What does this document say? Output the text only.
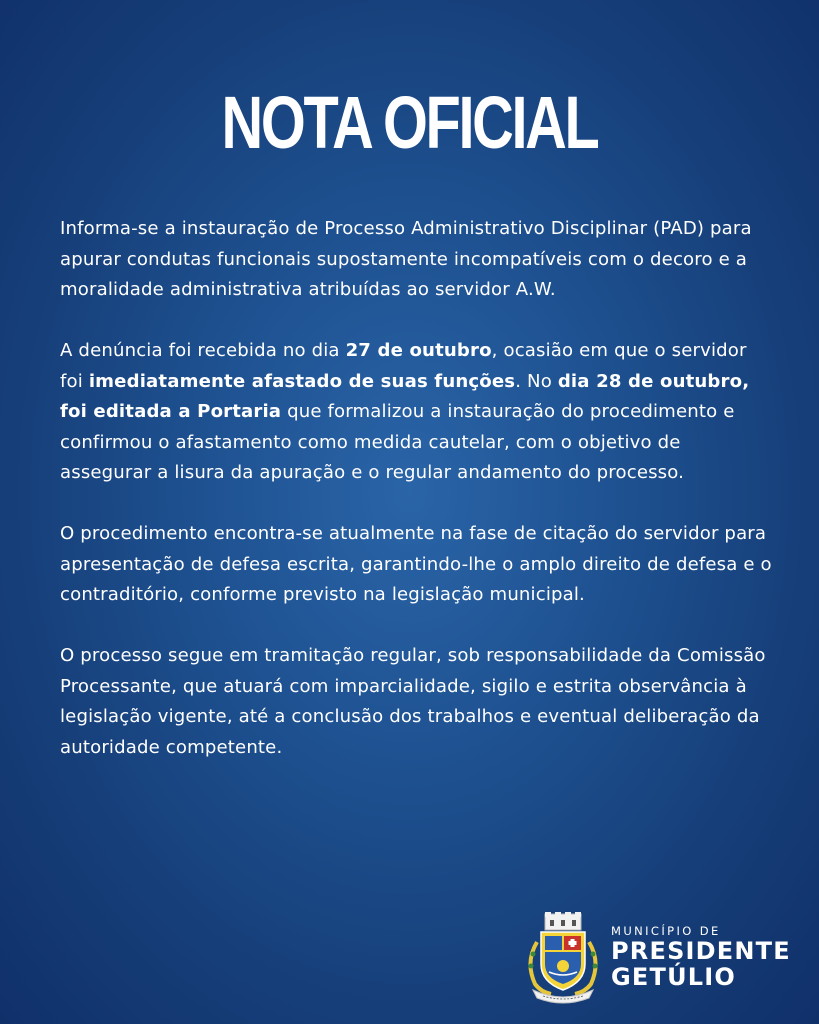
NOTA OFICIAL

Informa-se a instauração de Processo Administrativo Disciplinar (PAD) para apurar condutas funcionais supostamente incompatíveis com o decoro e a moralidade administrativa atribuídas ao servidor A.W.

A denúncia foi recebida no dia 27 de outubro, ocasião em que o servidor foi imediatamente afastado de suas funções. No dia 28 de outubro, foi editada a Portaria que formalizou a instauração do procedimento e confirmou o afastamento como medida cautelar, com o objetivo de assegurar a lisura da apuração e o regular andamento do processo.

O procedimento encontra-se atualmente na fase de citação do servidor para apresentação de defesa escrita, garantindo-lhe o amplo direito de defesa e o contraditório, conforme previsto na legislação municipal.

O processo segue em tramitação regular, sob responsabilidade da Comissão Processante, que atuará com imparcialidade, sigilo e estrita observância à legislação vigente, até a conclusão dos trabalhos e eventual deliberação da autoridade competente.

MUNICÍPIO DE
PRESIDENTE
GETÚLIO
